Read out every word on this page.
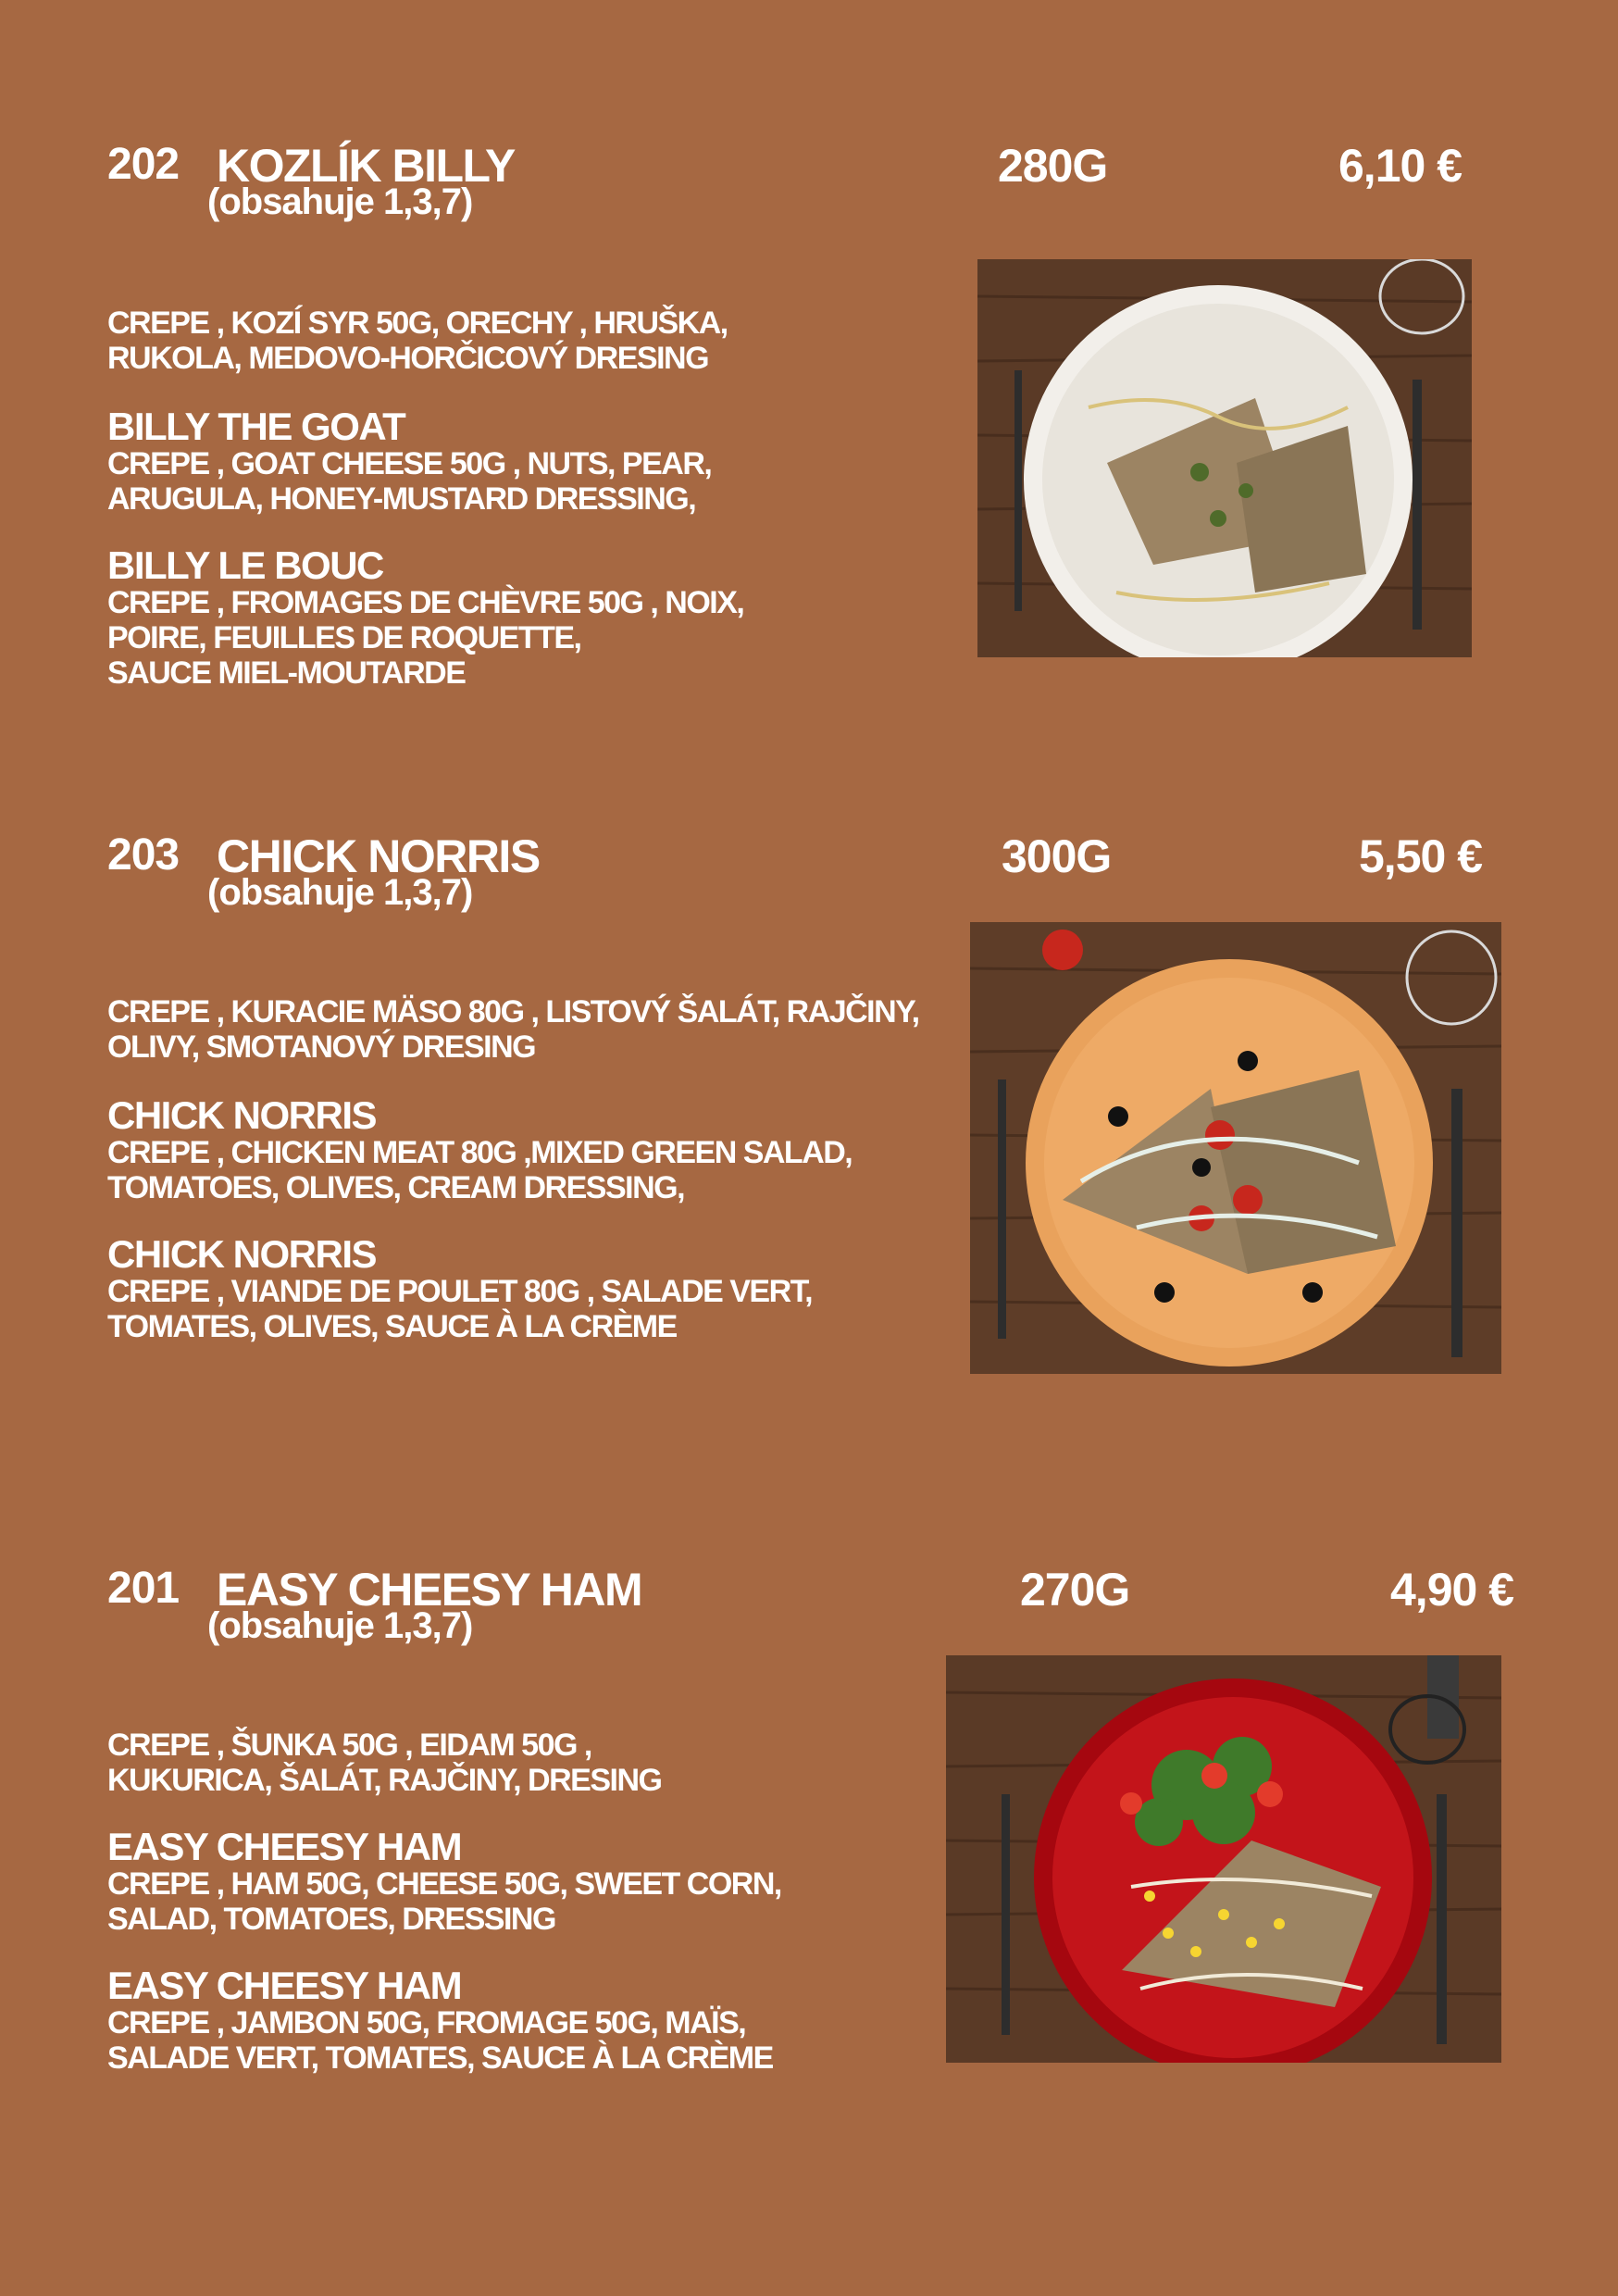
202 KOZLÍK BILLY
(obsahuje 1,3,7)
280G	6,10 €
CREPE , KOZÍ SYR 50G, ORECHY , HRUŠKA,
RUKOLA, MEDOVO-HORČICOVÝ DRESING
BILLY THE GOAT
CREPE , GOAT CHEESE 50G , NUTS, PEAR,
ARUGULA, HONEY-MUSTARD DRESSING,
BILLY LE BOUC
CREPE , FROMAGES DE CHÈVRE 50G , NOIX,
POIRE, FEUILLES DE ROQUETTE,
SAUCE MIEL-MOUTARDE
203 CHICK NORRIS
(obsahuje 1,3,7)
300G	5,50 €
CREPE , KURACIE MÄSO 80G , LISTOVÝ ŠALÁT, RAJČINY,
OLIVY, SMOTANOVÝ DRESING
CHICK NORRIS
CREPE , CHICKEN MEAT 80G ,MIXED GREEN SALAD,
TOMATOES, OLIVES, CREAM DRESSING,
CHICK NORRIS
CREPE , VIANDE DE POULET 80G , SALADE VERT,
TOMATES, OLIVES, SAUCE À LA CRÈME
201 EASY CHEESY HAM
(obsahuje 1,3,7)
270G	4,90 €
CREPE , ŠUNKA 50G , EIDAM 50G ,
KUKURICA, ŠALÁT, RAJČINY, DRESING
EASY CHEESY HAM
CREPE , HAM 50G, CHEESE 50G, SWEET CORN,
SALAD, TOMATOES, DRESSING
EASY CHEESY HAM
CREPE , JAMBON 50G, FROMAGE 50G, MAÏS,
SALADE VERT, TOMATES, SAUCE À LA CRÈME
